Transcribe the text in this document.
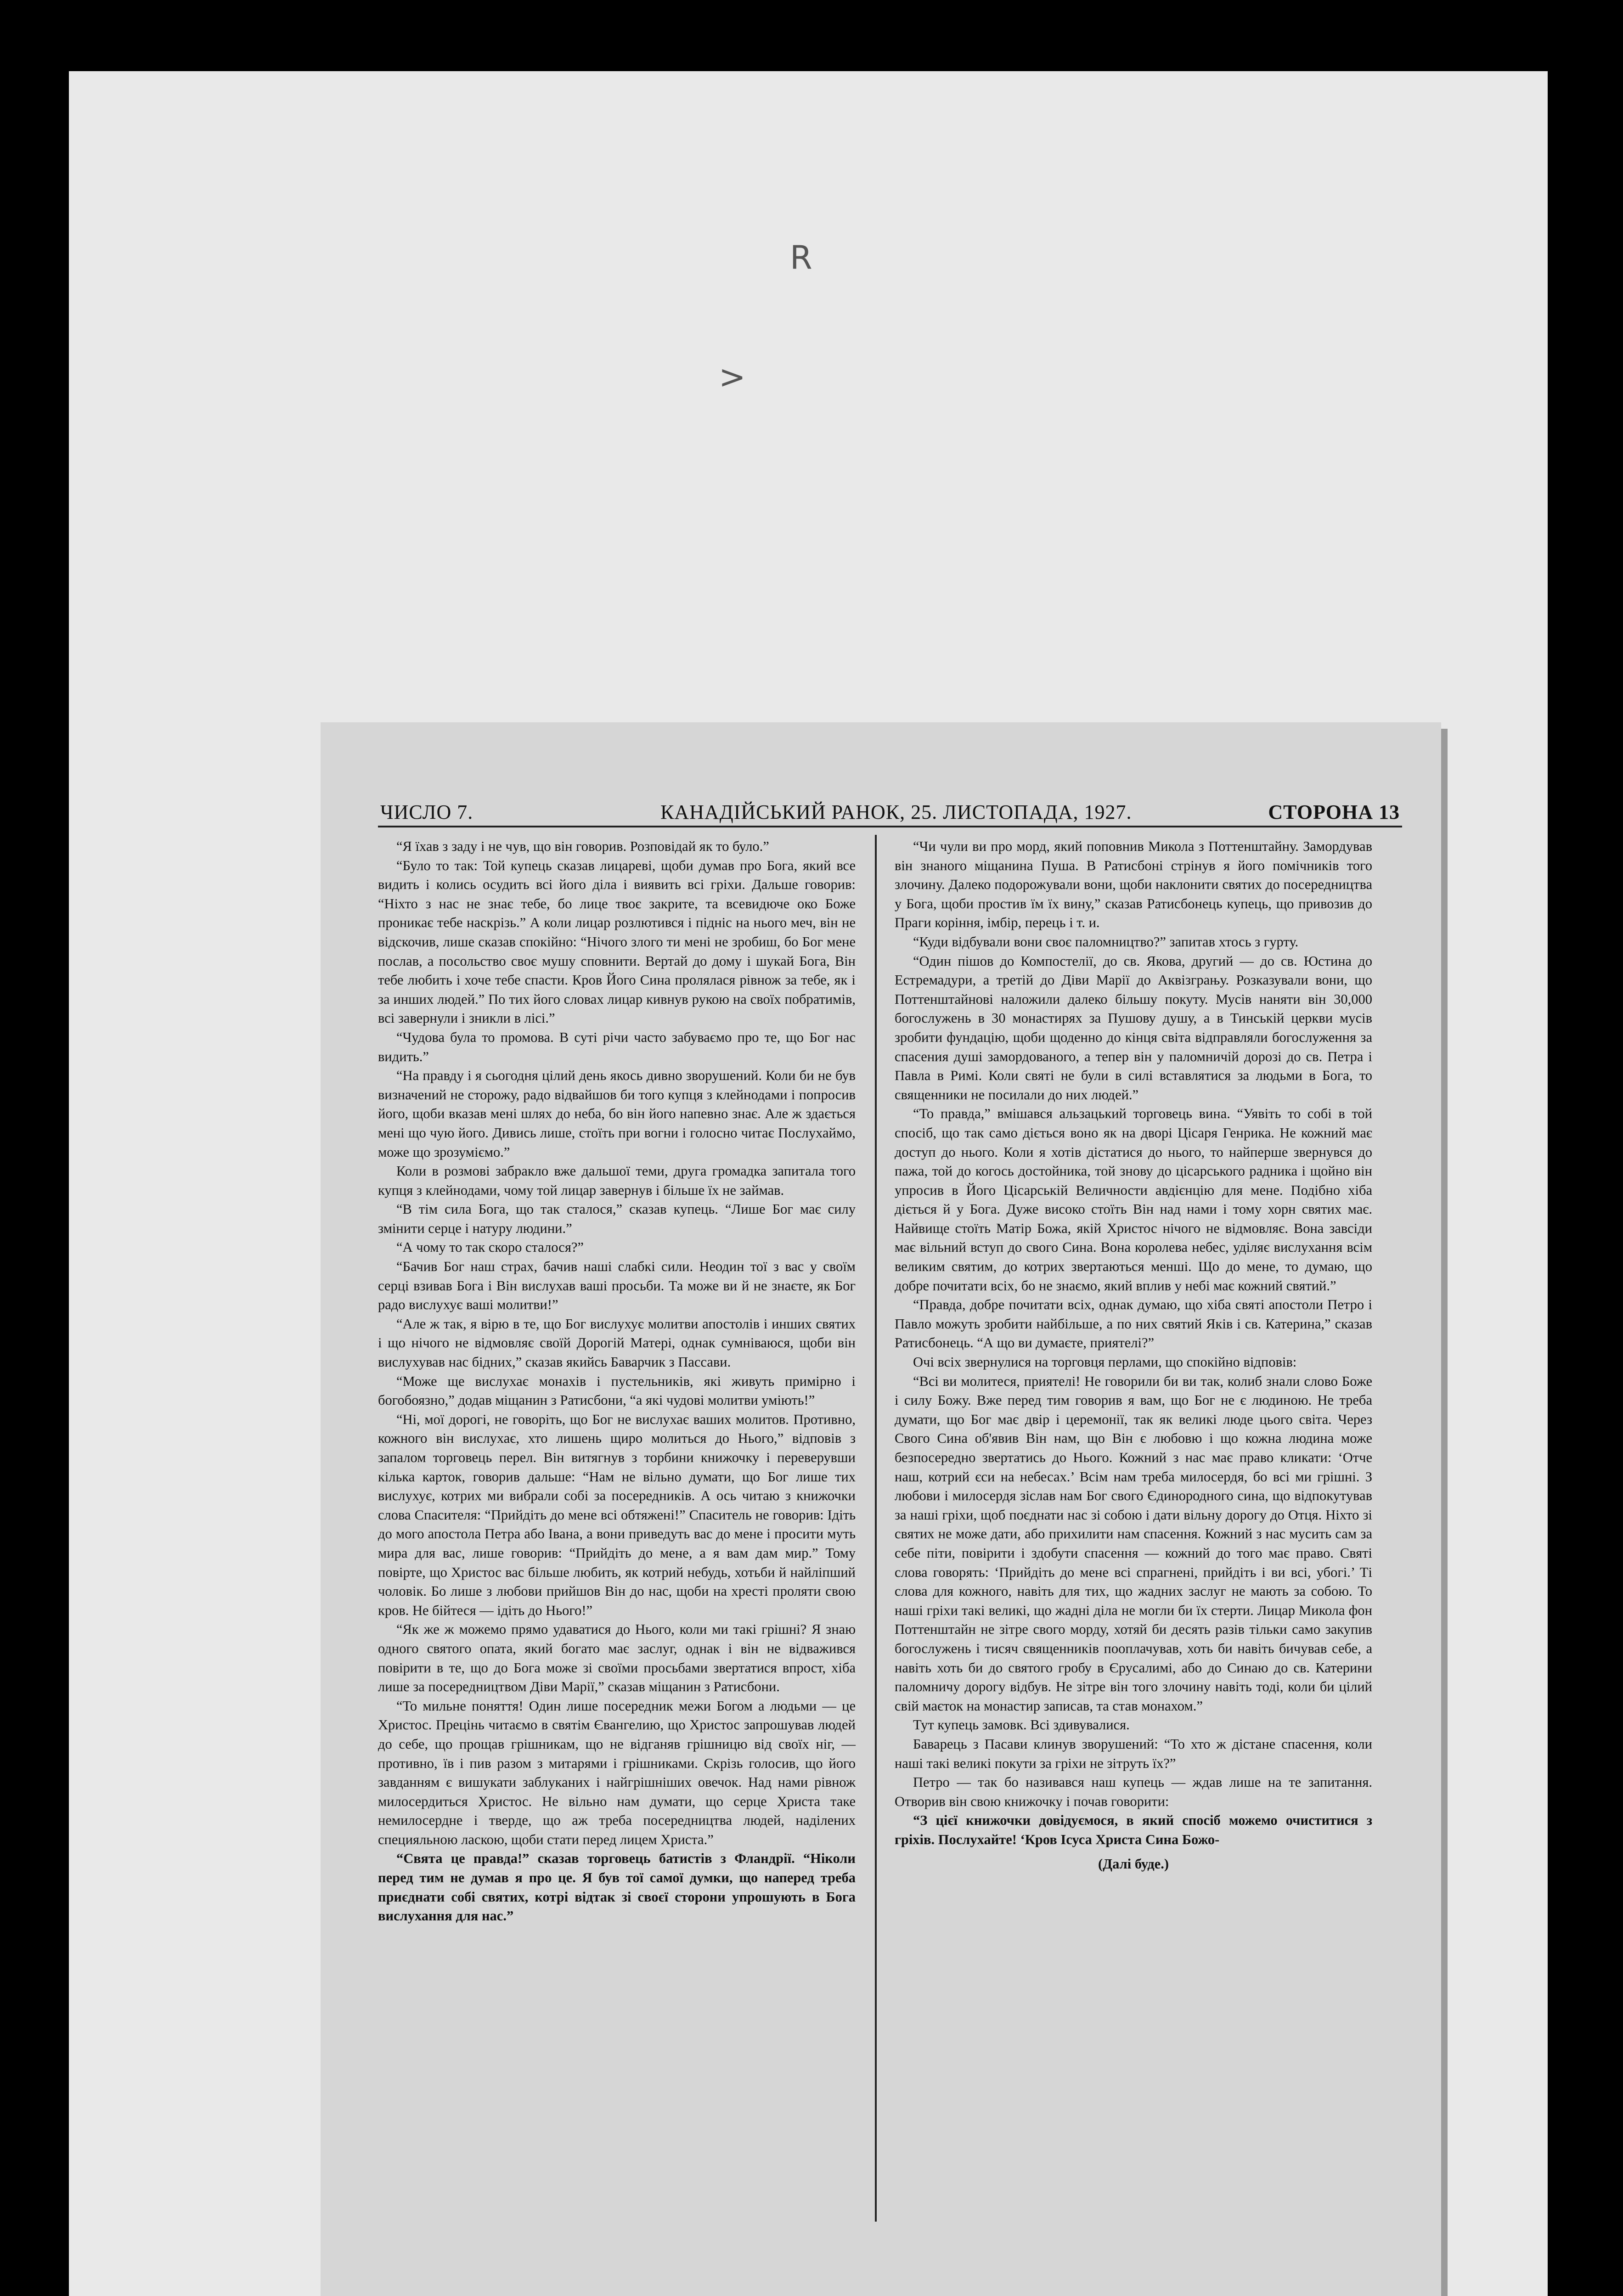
R
>
ЧИСЛО 7.	КАНАДІЙСЬКИЙ РАНОК, 25. ЛИСТОПАДА, 1927.	СТОРОНА 13

“Я їхав з заду і не чув, що він говорив. Розповідай як то було.”

“Було то так: Той купець сказав лицареві, щоби думав про Бога, який все видить і колись осудить всі його діла і виявить всі гріхи. Дальше говорив: “Ніхто з нас не знає тебе, бо лице твоє закрите, та всевидюче око Боже проникає тебе наскрізь.” А коли лицар розлютився і підніс на нього меч, він не відскочив, лише сказав спокійно: “Нічого злого ти мені не зробиш, бо Бог мене послав, а посольство своє мушу сповнити. Вертай до дому і шукай Бога, Він тебе любить і хоче тебе спасти. Кров Його Сина пролялася рівнож за тебе, як і за инших людей.” По тих його словах лицар кивнув рукою на своїх побратимів, всі завернули і зникли в лісі.”

“Чудова була то промова. В суті річи часто забуваємо про те, що Бог нас видить.”

“На правду і я сьогодня цілий день якось дивно зворушений. Коли би не був визначений не сторожу, радо відвайшов би того купця з клейнодами і попросив його, щоби вказав мені шлях до неба, бо він його напевно знає. Але ж здається мені що чую його. Дивись лише, стоїть при вогни і голосно читає Послухаймо, може що зрозуміємо.”

Коли в розмові забракло вже дальшої теми, друга громадка запитала того купця з клейнодами, чому той лицар завернув і більше їх не займав.

“В тім сила Бога, що так сталося,” сказав купець. “Лише Бог має силу змінити серце і натуру людини.”

“А чому то так скоро сталося?”

“Бачив Бог наш страх, бачив наші слабкі сили. Неодин тої з вас у своїм серці взивав Бога і Він вислухав ваші просьби. Та може ви й не знаєте, як Бог радо вислухує ваші молитви!”

“Але ж так, я вірю в те, що Бог вислухує молитви апостолів і инших святих і що нічого не відмовляє своїй Дорогій Матері, однак сумніваюся, щоби він вислухував нас бідних,” сказав якийсь Баварчик з Пассави.

“Може ще вислухає монахів і пустельників, які живуть примірно і богобоязно,” додав міщанин з Ратисбони, “а які чудові молитви уміють!”

“Ні, мої дорогі, не говоріть, що Бог не вислухає ваших молитов. Противно, кожного він вислухає, хто лишень щиро молиться до Нього,” відповів з запалом торговець перел. Він витягнув з торбини книжочку і переверувши кілька карток, говорив дальше: “Нам не вільно думати, що Бог лише тих вислухує, котрих ми вибрали собі за посередників. А ось читаю з книжочки слова Спасителя: “Прийдіть до мене всі обтяжені!” Спаситель не говорив: Ідіть до мого апостола Петра або Івана, а вони приведуть вас до мене і просити муть мира для вас, лише говорив: “Прийдіть до мене, а я вам дам мир.” Тому повірте, що Христос вас більше любить, як котрий небудь, хотьби й найліпший чоловік. Бо лише з любови прийшов Він до нас, щоби на хресті проляти свою кров. Не бійтеся — ідіть до Нього!”

“Як же ж можемо прямо удаватися до Нього, коли ми такі грішні? Я знаю одного святого опата, який богато має заслуг, однак і він не відважився повірити в те, що до Бога може зі своїми просьбами звертатися впрост, хіба лише за посередництвом Діви Марії,” сказав міщанин з Ратисбони.

“То мильне поняття! Один лише посередник межи Богом а людьми — це Христос. Прецінь читаємо в святім Євангелию, що Христос запрошував людей до себе, що прощав грішникам, що не відганяв грішницю від своїх ніг, — противно, їв і пив разом з митарями і грішниками. Скрізь голосив, що його завданням є вишукати заблуканих і найгрішніших овечок. Над нами рівнож милосердиться Христос. Не вільно нам думати, що серце Христа таке немилосердне і тверде, що аж треба посередництва людей, наділених специяльною ласкою, щоби стати перед лицем Христа.”

“Свята це правда!” сказав торговець батистів з Фландрії. “Ніколи перед тим не думав я про це. Я був тої самої думки, що наперед треба приєднати собі святих, котрі відтак зі своєї сторони упрошують в Бога вислухання для нас.”

“Чи чули ви про морд, який поповнив Микола з Поттенштайну. Замордував він знаного міщанина Пуша. В Ратисбоні стрінув я його помічників того злочину. Далеко подорожували вони, щоби наклонити святих до посередництва у Бога, щоби простив їм їх вину,” сказав Ратисбонець купець, що привозив до Праги коріння, імбір, перець і т. и.

“Куди відбували вони своє паломництво?” запитав хтось з гурту.

“Один пішов до Компостелії, до св. Якова, другий — до св. Юстина до Естремадури, а третій до Діви Марії до Аквізгрању. Розказували вони, що Поттенштайнові наложили далеко більшу покуту. Мусів наняти він 30,000 богослужень в 30 монастирях за Пушову душу, а в Тинській церкви мусів зробити фундацію, щоби щоденно до кінця світа відправляли богослуження за спасения душі замордованого, а тепер він у паломничій дорозі до св. Петра і Павла в Римі. Коли святі не були в силі вставлятися за людьми в Бога, то священники не посилали до них людей.”

“То правда,” вмішався альзацький торговець вина. “Уявіть то собі в той спосіб, що так само діється воно як на дворі Цісаря Генрика. Не кожний має доступ до нього. Коли я хотів дістатися до нього, то найперше звернувся до пажа, той до когось достойника, той знову до цісарського радника і щойно він упросив в Його Цісарській Величности авдієнцію для мене. Подібно хіба діється й у Бога. Дуже високо стоїть Він над нами і тому хорн святих має. Найвище стоїть Матір Божа, якій Христос нічого не відмовляє. Вона завсіди має вільний вступ до свого Сина. Вона королева небес, уділяє вислухання всім великим святим, до котрих звертаються менші. Що до мене, то думаю, що добре почитати всіх, бо не знаємо, який вплив у небі має кожний святий.”

“Правда, добре почитати всіх, однак думаю, що хіба святі апостоли Петро і Павло можуть зробити найбільше, а по них святий Яків і св. Катерина,” сказав Ратисбонець. “А що ви думаєте, приятелі?”

Очі всіх звернулися на торговця перлами, що спокійно відповів:

“Всі ви молитеся, приятелі! Не говорили би ви так, колиб знали слово Боже і силу Божу. Вже перед тим говорив я вам, що Бог не є людиною. Не треба думати, що Бог має двір і церемонії, так як великі люде цього світа. Через Свого Сина об'явив Він нам, що Він є любовю і що кожна людина може безпосередно звертатись до Нього. Кожний з нас має право кликати: ‘Отче наш, котрий єси на небесах.’ Всім нам треба милосердя, бо всі ми грішні. З любови і милосердя зіслав нам Бог свого Єдинородного сина, що відпокутував за наші гріхи, щоб поєднати нас зі собою і дати вільну дорогу до Отця. Ніхто зі святих не може дати, або прихилити нам спасення. Кожний з нас мусить сам за себе піти, повірити і здобути спасення — кожний до того має право. Святі слова говорять: ‘Прийдіть до мене всі спрагнені, прийдіть і ви всі, убогі.’ Ті слова для кожного, навіть для тих, що жадних заслуг не мають за собою. То наші гріхи такі великі, що жадні діла не могли би їх стерти. Лицар Микола фон Поттенштайн не зітре свого морду, хотяй би десять разів тільки само закупив богослужень і тисяч священників пооплачував, хоть би навіть бичував себе, а навіть хоть би до святого гробу в Єрусалимі, або до Синаю до св. Катерини паломничу дорогу відбув. Не зітре він того злочину навіть тоді, коли би цілий свій маєток на монастир записав, та став монахом.”

Тут купець замовк. Всі здивувалися.

Баварець з Пасави клинув зворушений: “То хто ж дістане спасення, коли наші такі великі покути за гріхи не зітруть їх?”

Петро — так бо називався наш купець — ждав лише на те запитання. Отворив він свою книжочку і почав говорити:

“З цієї книжочки довідуємося, в який спосіб можемо очиститися з гріхів. Послухайте! ‘Кров Ісуса Христа Сина Божо-

(Далі буде.)
